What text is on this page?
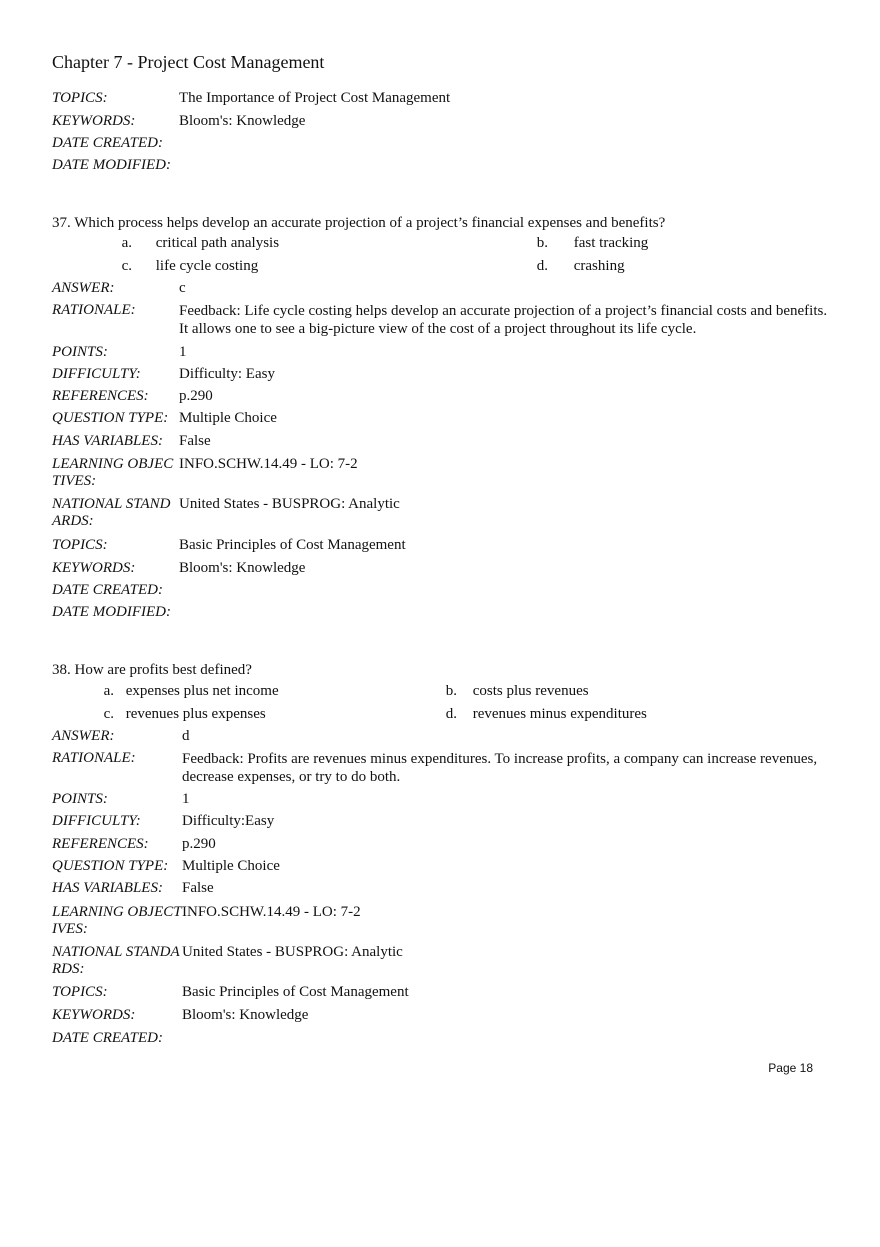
Chapter 7 - Project Cost Management
TOPICS:	The Importance of Project Cost Management
KEYWORDS:	Bloom's: Knowledge
DATE CREATED:
DATE MODIFIED:
37. Which process helps develop an accurate projection of a project’s financial expenses and benefits?
a. critical path analysis	b. fast tracking
c. life cycle costing	d. crashing
ANSWER:	c
RATIONALE:	Feedback: Life cycle costing helps develop an accurate projection of a project’s financial costs and benefits. It allows one to see a big-picture view of the cost of a project throughout its life cycle.
POINTS:	1
DIFFICULTY:	Difficulty: Easy
REFERENCES:	p.290
QUESTION TYPE: Multiple Choice
HAS VARIABLES:	False
LEARNING OBJECTIVES:
INFO.SCHW.14.49 - LO: 7-2
NATIONAL STANDARDS:
United States - BUSPROG: Analytic
TOPICS:	Basic Principles of Cost Management
KEYWORDS:	Bloom's: Knowledge
DATE CREATED:
DATE MODIFIED:
38. How are profits best defined?
a. expenses plus net income	b. costs plus revenues
c. revenues plus expenses	d. revenues minus expenditures
ANSWER:	d
RATIONALE:	Feedback: Profits are revenues minus expenditures. To increase profits, a company can increase revenues, decrease expenses, or try to do both.
POINTS:	1
DIFFICULTY:	Difficulty:Easy
REFERENCES:	p.290
QUESTION TYPE: Multiple Choice
HAS VARIABLES:	False
LEARNING OBJECTIVES:
INFO.SCHW.14.49 - LO: 7-2
NATIONAL STANDARDS:
United States - BUSPROG: Analytic
TOPICS:	Basic Principles of Cost Management
KEYWORDS:	Bloom's: Knowledge
DATE CREATED:
Page 18
